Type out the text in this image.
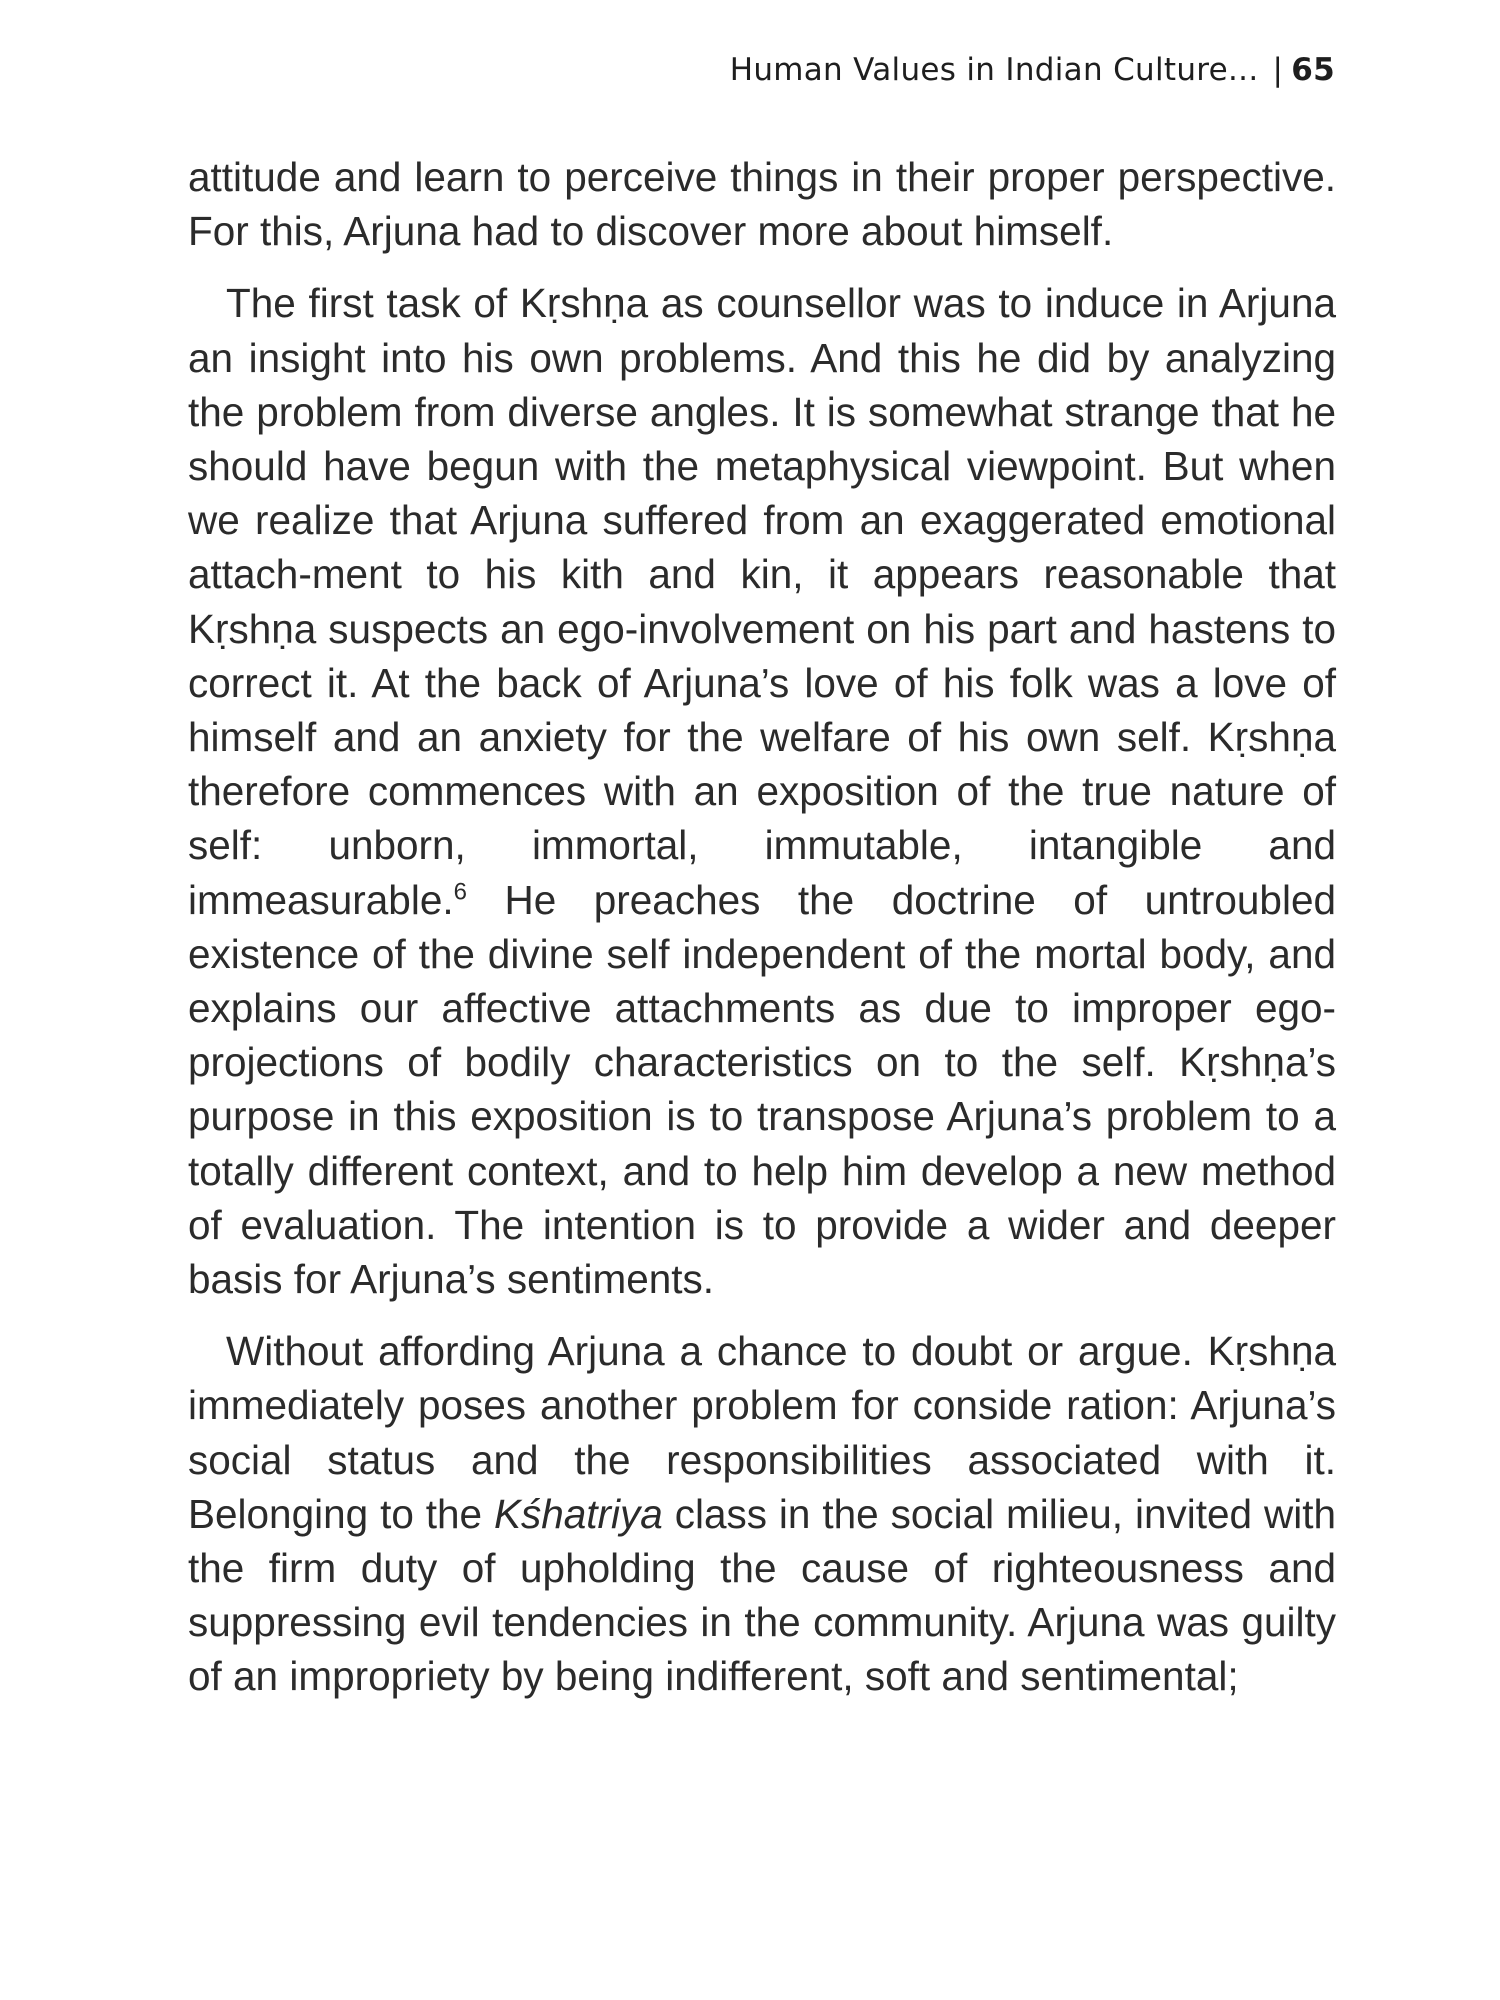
Human Values in Indian Culture... | 65

attitude and learn to perceive things in their proper perspective. For this, Arjuna had to discover more about himself.

The first task of Kṛshṇa as counsellor was to induce in Arjuna an insight into his own problems. And this he did by analyzing the problem from diverse angles. It is somewhat strange that he should have begun with the metaphysical viewpoint. But when we realize that Arjuna suffered from an exaggerated emotional attach-ment to his kith and kin, it appears reasonable that Kṛshṇa suspects an ego-involvement on his part and hastens to correct it. At the back of Arjuna’s love of his folk was a love of himself and an anxiety for the welfare of his own self. Kṛshṇa therefore commences with an exposition of the true nature of self: unborn, immortal, immutable, intangible and immeasurable.$^6$ He preaches the doctrine of untroubled existence of the divine self independent of the mortal body, and explains our affective attachments as due to improper ego-projections of bodily characteristics on to the self. Kṛshṇa’s purpose in this exposition is to transpose Arjuna’s problem to a totally different context, and to help him develop a new method of evaluation. The intention is to provide a wider and deeper basis for Arjuna’s sentiments.

Without affording Arjuna a chance to doubt or argue. Kṛshṇa immediately poses another problem for conside ration: Arjuna’s social status and the responsibilities associated with it. Belonging to the Kśhatriya class in the social milieu, invited with the firm duty of upholding the cause of righteousness and suppressing evil tendencies in the community. Arjuna was guilty of an impropriety by being indifferent, soft and sentimental;
